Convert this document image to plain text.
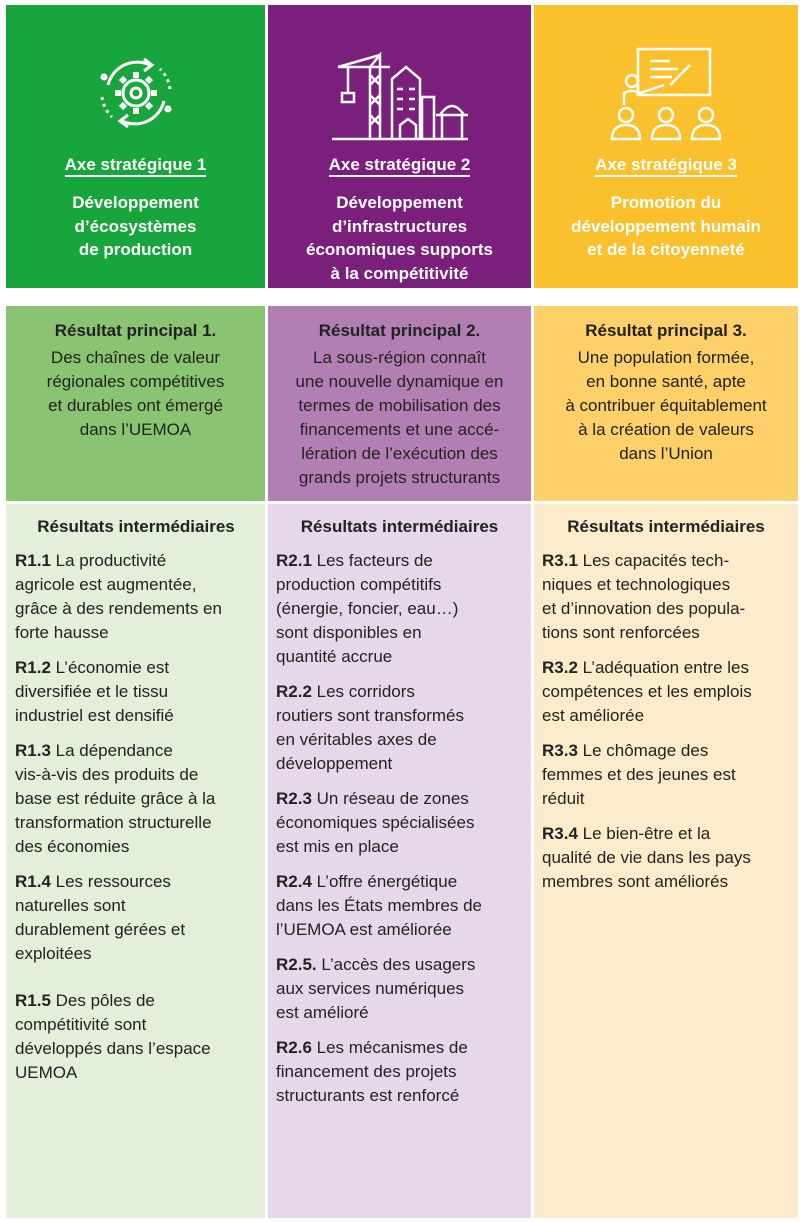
Axe stratégique 1
Développement
d’écosystèmes
de production
Axe stratégique 2
Développement
d’infrastructures
économiques supports
à la compétitivité
Axe stratégique 3
Promotion du
développement humain
et de la citoyenneté
Résultat principal 1.
Des chaînes de valeur
régionales compétitives
et durables ont émergé
dans l’UEMOA
Résultat principal 2.
La sous-région connaît
une nouvelle dynamique en
termes de mobilisation des
financements et une accé-
lération de l’exécution des
grands projets structurants
Résultat principal 3.
Une population formée,
en bonne santé, apte
à contribuer équitablement
à la création de valeurs
dans l’Union
Résultats intermédiaires
R1.1 La productivité
agricole est augmentée,
grâce à des rendements en
forte hausse
R1.2 L’économie est
diversifiée et le tissu
industriel est densifié
R1.3 La dépendance
vis-à-vis des produits de
base est réduite grâce à la
transformation structurelle
des économies
R1.4 Les ressources
naturelles sont
durablement gérées et
exploitées
R1.5 Des pôles de
compétitivité sont
développés dans l’espace
UEMOA
Résultats intermédiaires
R2.1 Les facteurs de
production compétitifs
(énergie, foncier, eau…)
sont disponibles en
quantité accrue
R2.2 Les corridors
routiers sont transformés
en véritables axes de
développement
R2.3 Un réseau de zones
économiques spécialisées
est mis en place
R2.4 L’offre énergétique
dans les États membres de
l’UEMOA est améliorée
R2.5. L’accès des usagers
aux services numériques
est amélioré
R2.6 Les mécanismes de
financement des projets
structurants est renforcé
Résultats intermédiaires
R3.1 Les capacités tech-
niques et technologiques
et d’innovation des popula-
tions sont renforcées
R3.2 L’adéquation entre les
compétences et les emplois
est améliorée
R3.3 Le chômage des
femmes et des jeunes est
réduit
R3.4 Le bien-être et la
qualité de vie dans les pays
membres sont améliorés
